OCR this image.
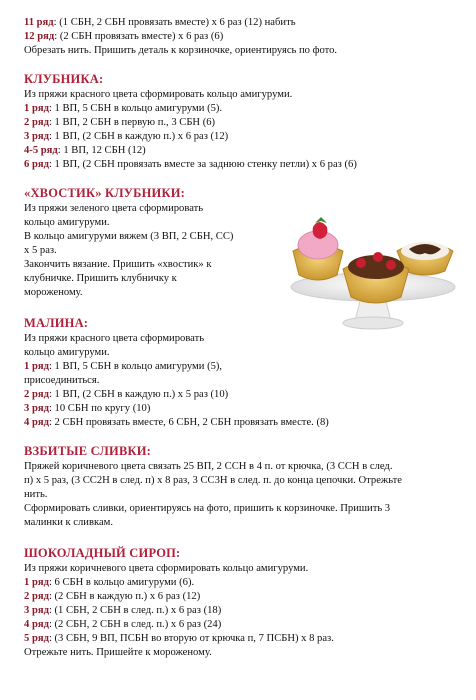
11 ряд: (1 СБН, 2 СБН провязать вместе) х 6 раз (12) набить
12 ряд: (2 СБН провязать вместе) х 6 раз (6)
Обрезать нить. Пришить деталь к корзиночке, ориентируясь по фото.
КЛУБНИКА:
Из пряжи красного цвета сформировать кольцо амигуруми.
1 ряд: 1 ВП, 5 СБН в кольцо амигуруми (5).
2 ряд: 1 ВП, 2 СБН в первую п., 3 СБН (6)
3 ряд: 1 ВП, (2 СБН в каждую п.) х 6 раз (12)
4-5 ряд: 1 ВП, 12 СБН (12)
6 ряд: 1 ВП, (2 СБН провязать вместе за заднюю стенку петли) х 6 раз (6)
«ХВОСТИК» КЛУБНИКИ:
Из пряжи зеленого цвета сформировать
кольцо амигуруми.
В кольцо амигуруми вяжем (3 ВП, 2 СБН, СС)
х 5 раз.
Закончить вязание. Пришить «хвостик» к
клубничке. Пришить клубничку к
мороженому.
МАЛИНА:
Из пряжи красного цвета сформировать
кольцо амигуруми.
1 ряд: 1 ВП, 5 СБН в кольцо амигуруми (5),
присоединиться.
2 ряд: 1 ВП, (2 СБН в каждую п.) х 5 раз (10)
3 ряд: 10 СБН по кругу (10)
4 ряд: 2 СБН провязать вместе, 6 СБН, 2 СБН провязать вместе. (8)
ВЗБИТЫЕ СЛИВКИ:
Пряжей коричневого цвета связать 25 ВП, 2 ССН в 4 п. от крючка, (3 ССН в след.
п) х 5 раз, (3 СС2Н в след. п) х 8 раз, 3 СС3Н в след. п. до конца цепочки. Отрежьте
нить.
Сформировать сливки, ориентируясь на фото, пришить к корзиночке. Пришить 3
малинки к сливкам.
ШОКОЛАДНЫЙ СИРОП:
Из пряжи коричневого цвета сформировать кольцо амигуруми.
1 ряд: 6 СБН в кольцо амигуруми (6).
2 ряд: (2 СБН в каждую п.) х 6 раз (12)
3 ряд: (1 СБН, 2 СБН в след. п.) х 6 раз (18)
4 ряд: (2 СБН, 2 СБН в след. п.) х 6 раз (24)
5 ряд: (3 СБН, 9 ВП, ПСБН во вторую от крючка п, 7 ПСБН) х 8 раз.
Отрежьте нить. Пришейте к мороженому.
